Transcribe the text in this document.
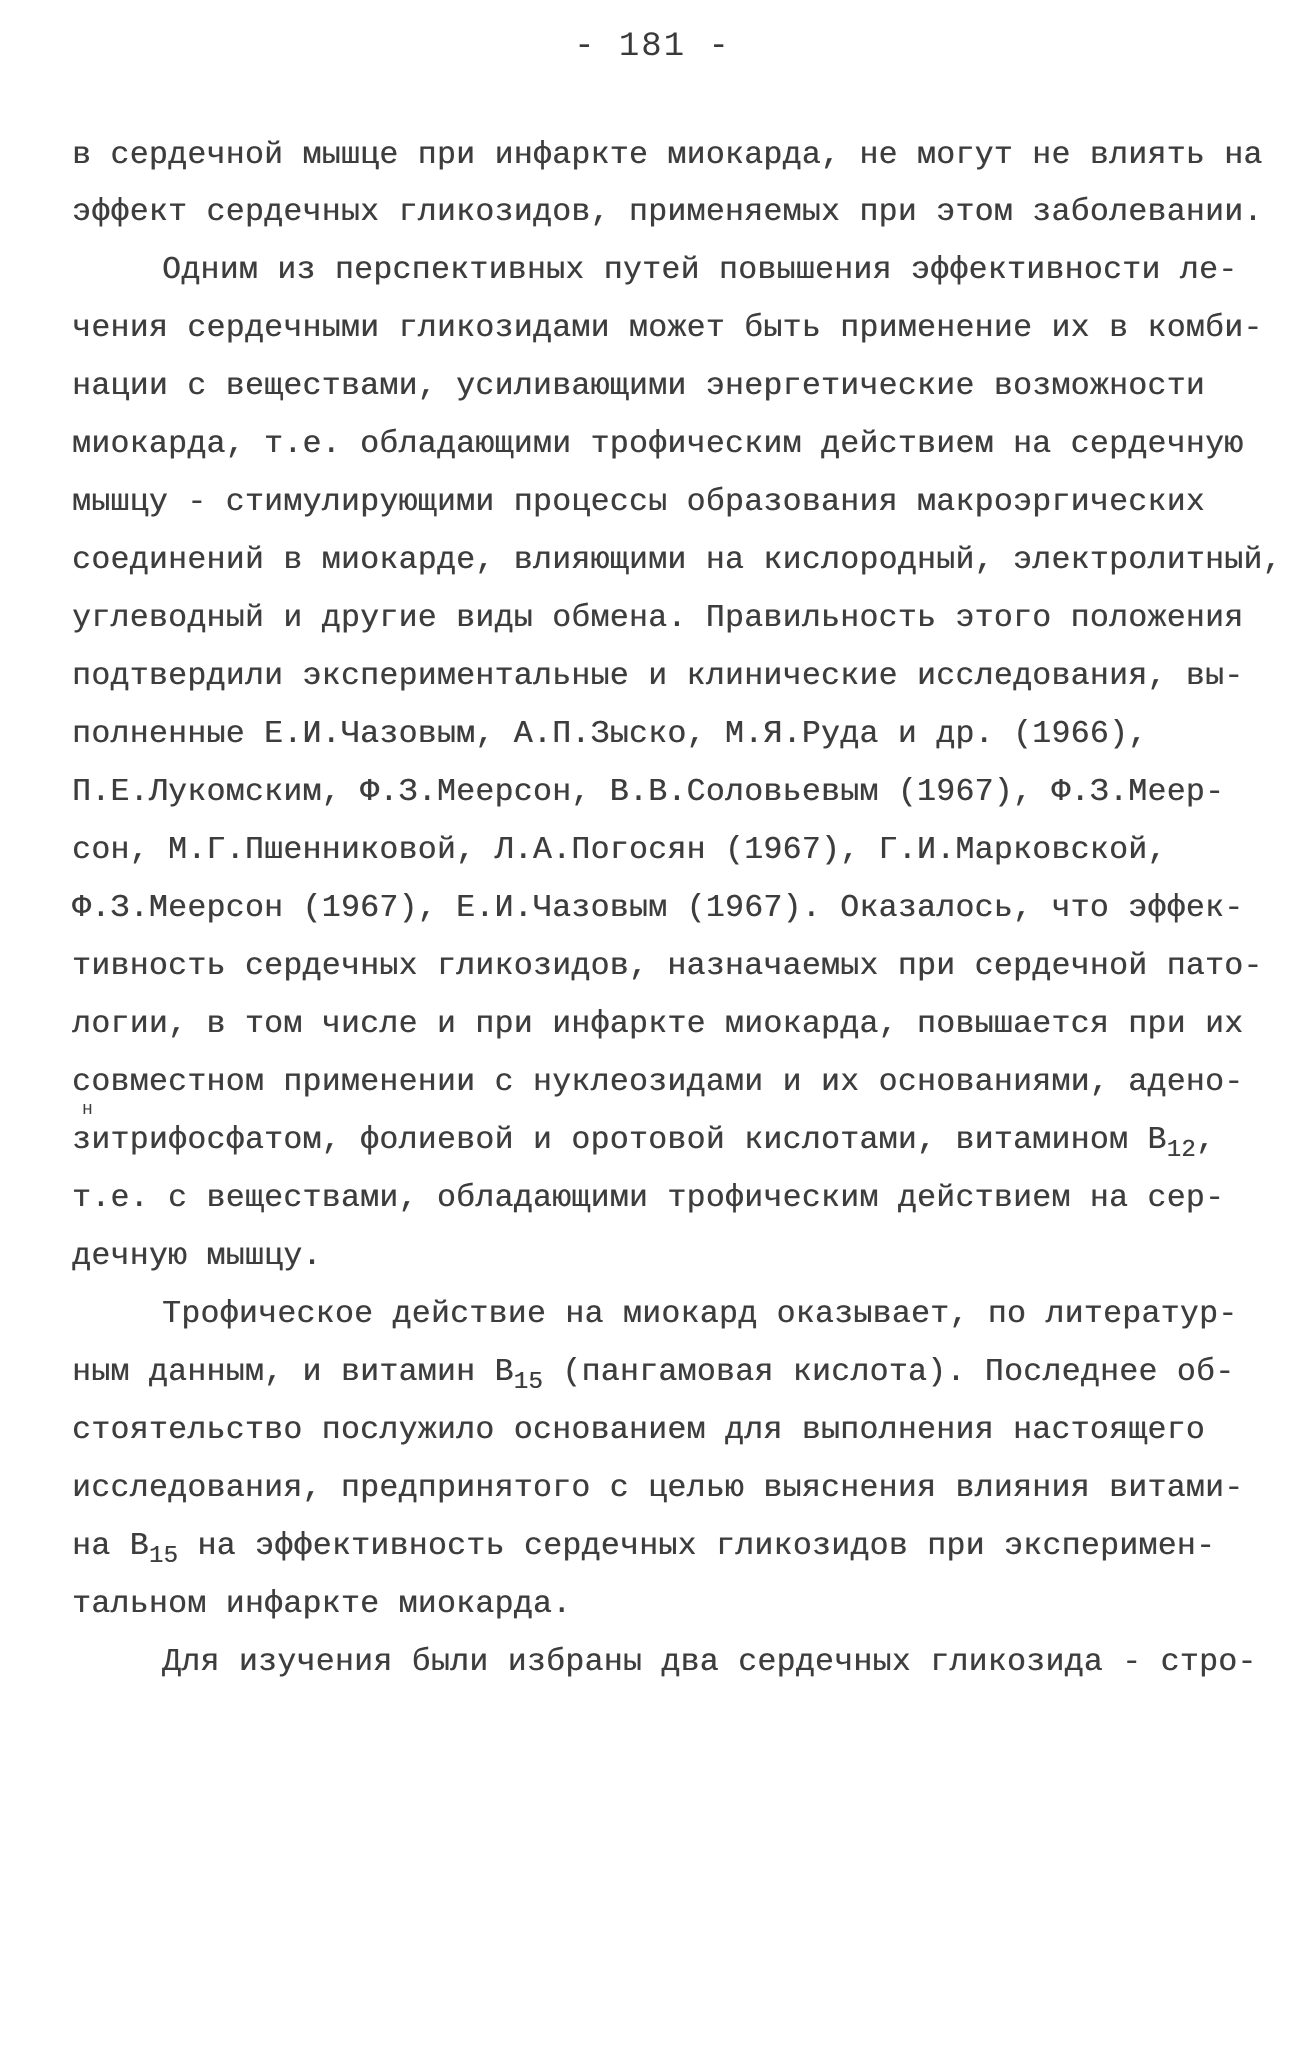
- 181 -
в сердечной мышце при инфаркте миокарда, не могут не влиять на
эффект сердечных гликозидов, применяемых при этом заболевании.
Одним из перспективных путей повышения эффективности ле-
чения сердечными гликозидами может быть применение их в комби-
нации с веществами, усиливающими энергетические возможности
миокарда, т.е. обладающими трофическим действием на сердечную
мышцу - стимулирующими процессы образования макроэргических
соединений в миокарде, влияющими на кислородный, электролитный,
углеводный и другие виды обмена. Правильность этого положения
подтвердили экспериментальные и клинические исследования, вы-
полненные Е.И.Чазовым, А.П.Зыско, М.Я.Руда и др. (1966),
П.Е.Лукомским, Ф.З.Меерсон, В.В.Соловьевым (1967), Ф.З.Меер-
сон, М.Г.Пшенниковой, Л.А.Погосян (1967), Г.И.Марковской,
Ф.З.Меерсон (1967), Е.И.Чазовым (1967). Оказалось, что эффек-
тивность сердечных гликозидов, назначаемых при сердечной пато-
логии, в том числе и при инфаркте миокарда, повышается при их
совместном применении с нуклеозидами и их основаниями, адено-
н
зитрифосфатом, фолиевой и оротовой кислотами, витамином $B_{12}$,
т.е. с веществами, обладающими трофическим действием на сер-
дечную мышцу.
Трофическое действие на миокард оказывает, по литератур-
ным данным, и витамин $B_{15}$ (пангамовая кислота). Последнее об-
стоятельство послужило основанием для выполнения настоящего
исследования, предпринятого с целью выяснения влияния витами-
на $B_{15}$ на эффективность сердечных гликозидов при эксперимен-
тальном инфаркте миокарда.
Для изучения были избраны два сердечных гликозида - стро-
